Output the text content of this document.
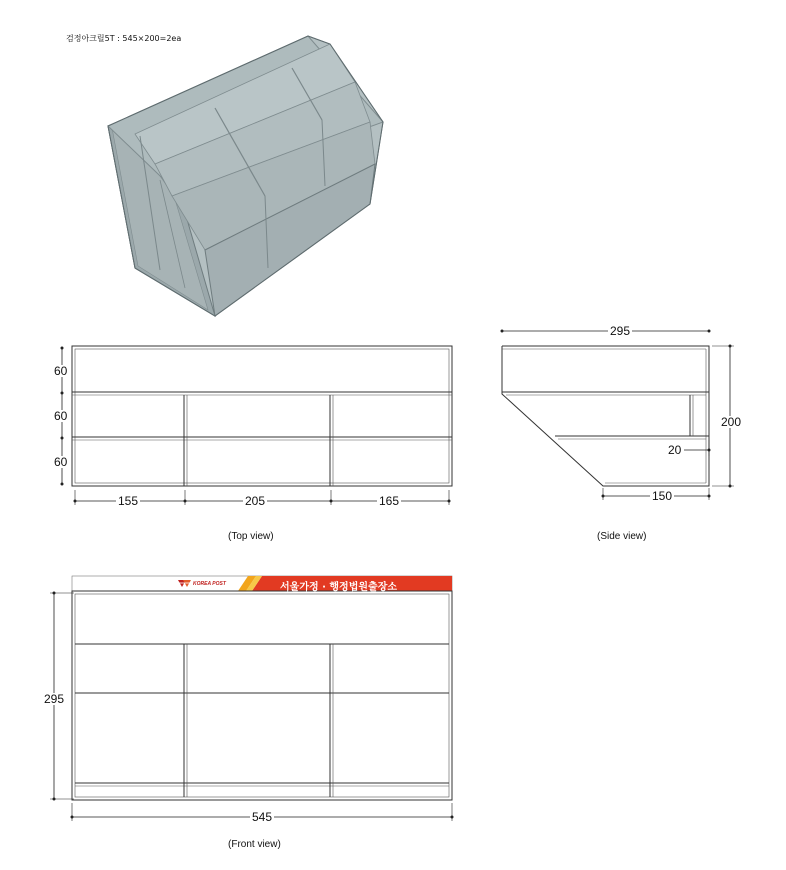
검정아크릴5T : 545×200=2ea
60
60
60
155	205	165
(Top view)
295
200
20
150
(Side view)
KOREA POST	서울가정 · 행정법원출장소
295
545
(Front view)
